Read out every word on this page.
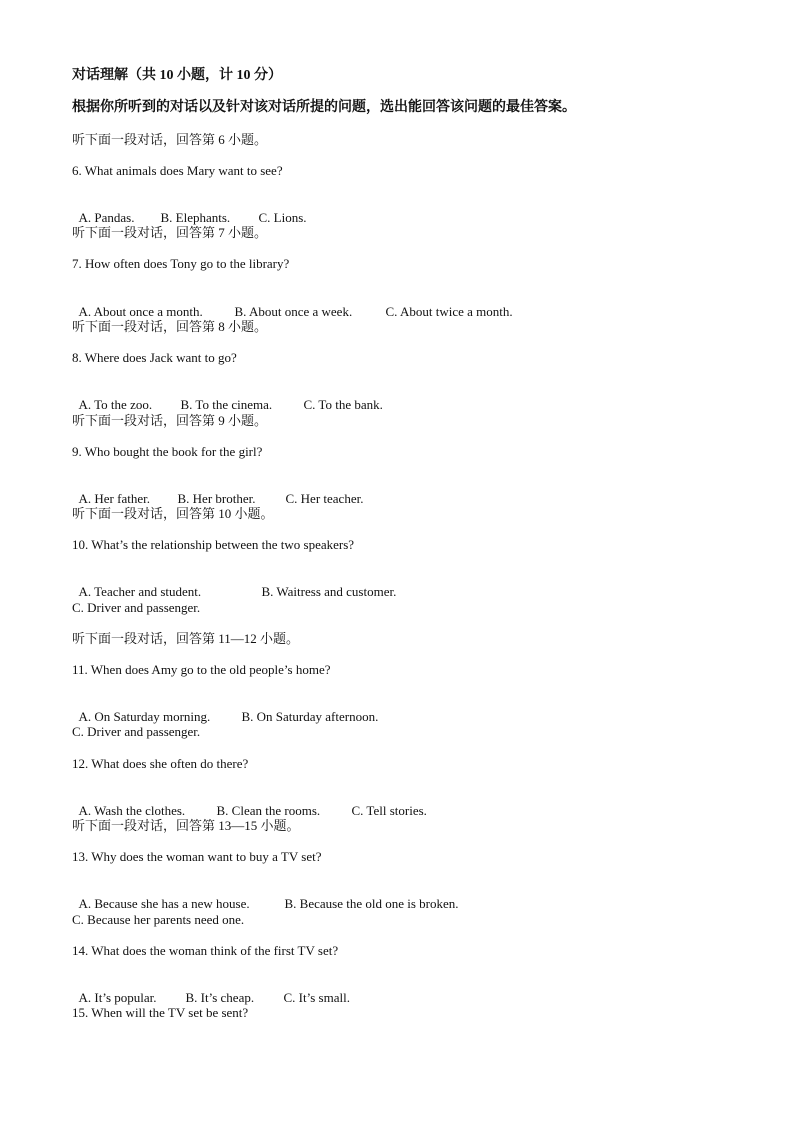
对话理解（共 10 小题，计 10 分）
根据你所听到的对话以及针对该对话所提的问题，选出能回答该问题的最佳答案。
听下面一段对话，回答第 6 小题。
6. What animals does Mary want to see?

A. Pandas. B. Elephants. C. Lions.

听下面一段对话，回答第 7 小题。
7. How often does Tony go to the library?

A. About once a month. B. About once a week.	C. About twice a month.

听下面一段对话，回答第 8 小题。
8. Where does Jack want to go?

A. To the zoo. B. To the cinema. C. To the bank.

听下面一段对话，回答第 9 小题。
9. Who bought the book for the girl?

A. Her father. B. Her brother. C. Her teacher.

听下面一段对话，回答第 10 小题。
10. What’s the relationship between the two speakers?

A. Teacher and student.	B. Waitress and customer.

C. Driver and passenger.
听下面一段对话，回答第 11—12 小题。
11. When does Amy go to the old people’s home?

A. On Saturday morning. B. On Saturday afternoon.

C. Driver and passenger.
12. What does she often do there?

A. Wash the clothes. B. Clean the rooms. C. Tell stories.

听下面一段对话，回答第 13—15 小题。
13. Why does the woman want to buy a TV set?

A. Because she has a new house.	B. Because the old one is broken.

C. Because her parents need one.
14. What does the woman think of the first TV set?

A. It’s popular. B. It’s cheap. C. It’s small.

15. When will the TV set be sent?
